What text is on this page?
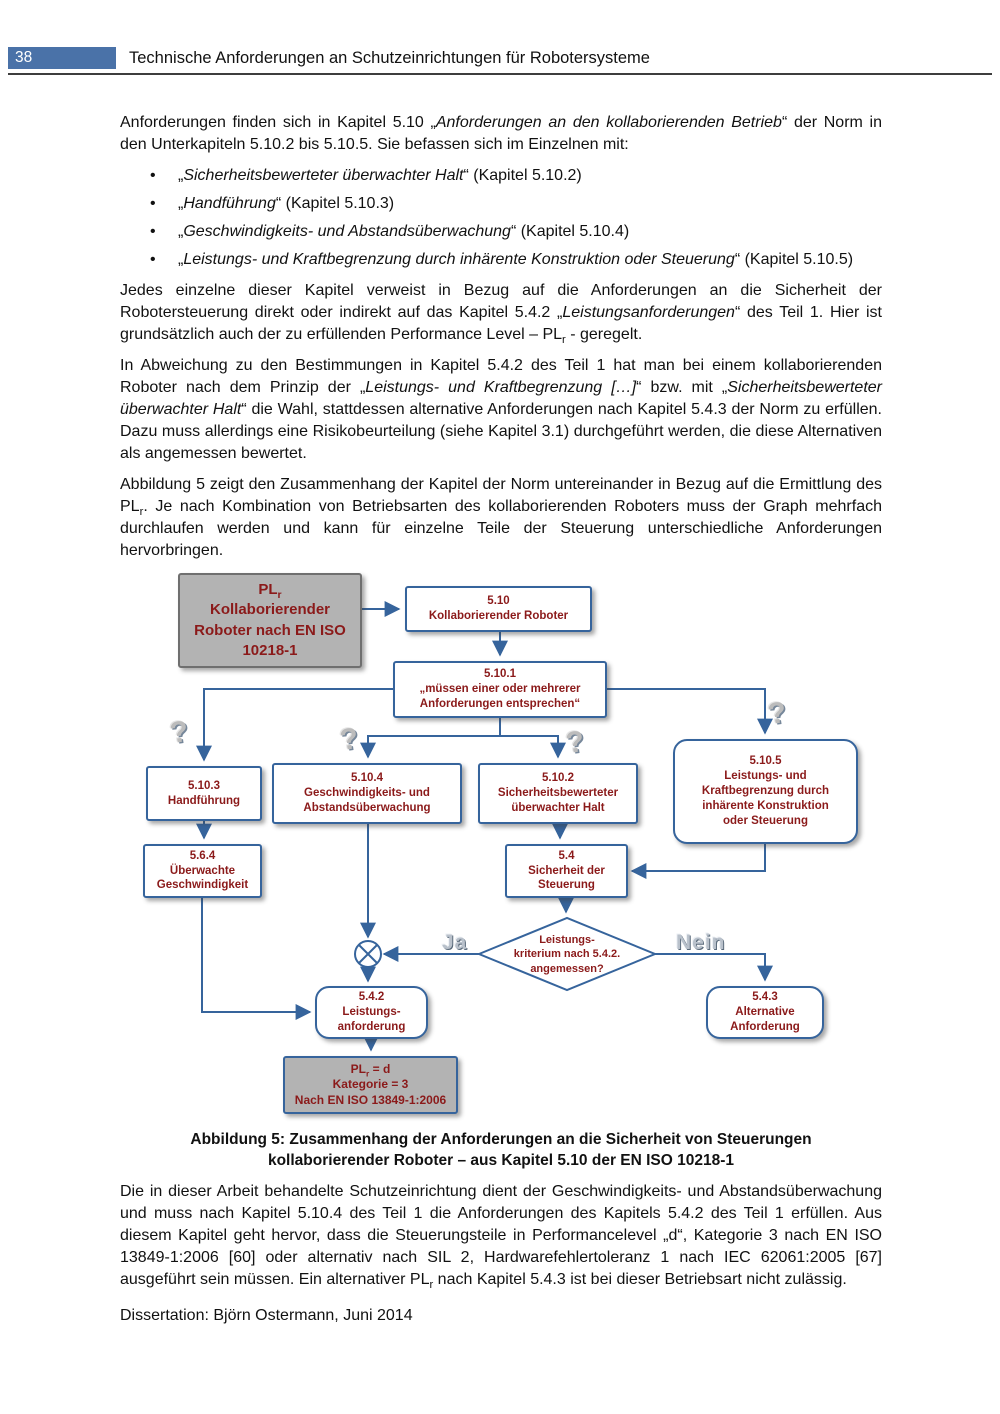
38	Technische Anforderungen an Schutzeinrichtungen für Robotersysteme

Anforderungen finden sich in Kapitel 5.10 „Anforderungen an den kollaborierenden Betrieb“ der Norm in den Unterkapiteln 5.10.2 bis 5.10.5. Sie befassen sich im Einzelnen mit:

• „Sicherheitsbewerteter überwachter Halt“ (Kapitel 5.10.2)
• „Handführung“ (Kapitel 5.10.3)
• „Geschwindigkeits- und Abstandsüberwachung“ (Kapitel 5.10.4)
• „Leistungs- und Kraftbegrenzung durch inhärente Konstruktion oder Steuerung“ (Kapitel 5.10.5)

Jedes einzelne dieser Kapitel verweist in Bezug auf die Anforderungen an die Sicherheit der Robotersteuerung direkt oder indirekt auf das Kapitel 5.4.2 „Leistungsanforderungen“ des Teil 1. Hier ist grundsätzlich auch der zu erfüllenden Performance Level – $PL_r$ - geregelt.

In Abweichung zu den Bestimmungen in Kapitel 5.4.2 des Teil 1 hat man bei einem kollaborierenden Roboter nach dem Prinzip der „Leistungs- und Kraftbegrenzung […]“ bzw. mit „Sicherheitsbewerteter überwachter Halt“ die Wahl, stattdessen alternative Anforderungen nach Kapitel 5.4.3 der Norm zu erfüllen. Dazu muss allerdings eine Risikobeurteilung (siehe Kapitel 3.1) durchgeführt werden, die diese Alternativen als angemessen bewertet.

Abbildung 5 zeigt den Zusammenhang der Kapitel der Norm untereinander in Bezug auf die Ermittlung des $PL_r$. Je nach Kombination von Betriebsarten des kollaborierenden Roboters muss der Graph mehrfach durchlaufen werden und kann für einzelne Teile der Steuerung unterschiedliche Anforderungen hervorbringen.

$PL_r$
Kollaborierender
Roboter nach EN ISO
10218-1
5.10
Kollaborierender Roboter
5.10.1
„müssen einer oder mehrerer
Anforderungen entsprechen“
5.10.3
Handführung
5.10.4
Geschwindigkeits- und
Abstandsüberwachung
5.10.2
Sicherheitsbewerteter
überwachter Halt
5.10.5
Leistungs- und
Kraftbegrenzung durch
inhärente Konstruktion
oder Steuerung
5.6.4
Überwachte
Geschwindigkeit
5.4
Sicherheit der
Steuerung
Leistungs-
kriterium nach 5.4.2.
angemessen?
Ja	Nein
5.4.2
Leistungs-
anforderung
5.4.3
Alternative
Anforderung
$PL_r = d$
Kategorie = 3
Nach EN ISO 13849-1:2006
?	?	?
?
Abbildung 5: Zusammenhang der Anforderungen an die Sicherheit von Steuerungen
kollaborierender Roboter – aus Kapitel 5.10 der EN ISO 10218-1

Die in dieser Arbeit behandelte Schutzeinrichtung dient der Geschwindigkeits- und Abstandsüberwachung und muss nach Kapitel 5.10.4 des Teil 1 die Anforderungen des Kapitels 5.4.2 des Teil 1 erfüllen. Aus diesem Kapitel geht hervor, dass die Steuerungsteile in Performancelevel „d“, Kategorie 3 nach EN ISO 13849-1:2006 [60] oder alternativ nach SIL 2, Hardwarefehlertoleranz 1 nach IEC 62061:2005 [67] ausgeführt sein müssen. Ein alternativer $PL_r$ nach Kapitel 5.4.3 ist bei dieser Betriebsart nicht zulässig.

Dissertation: Björn Ostermann, Juni 2014
